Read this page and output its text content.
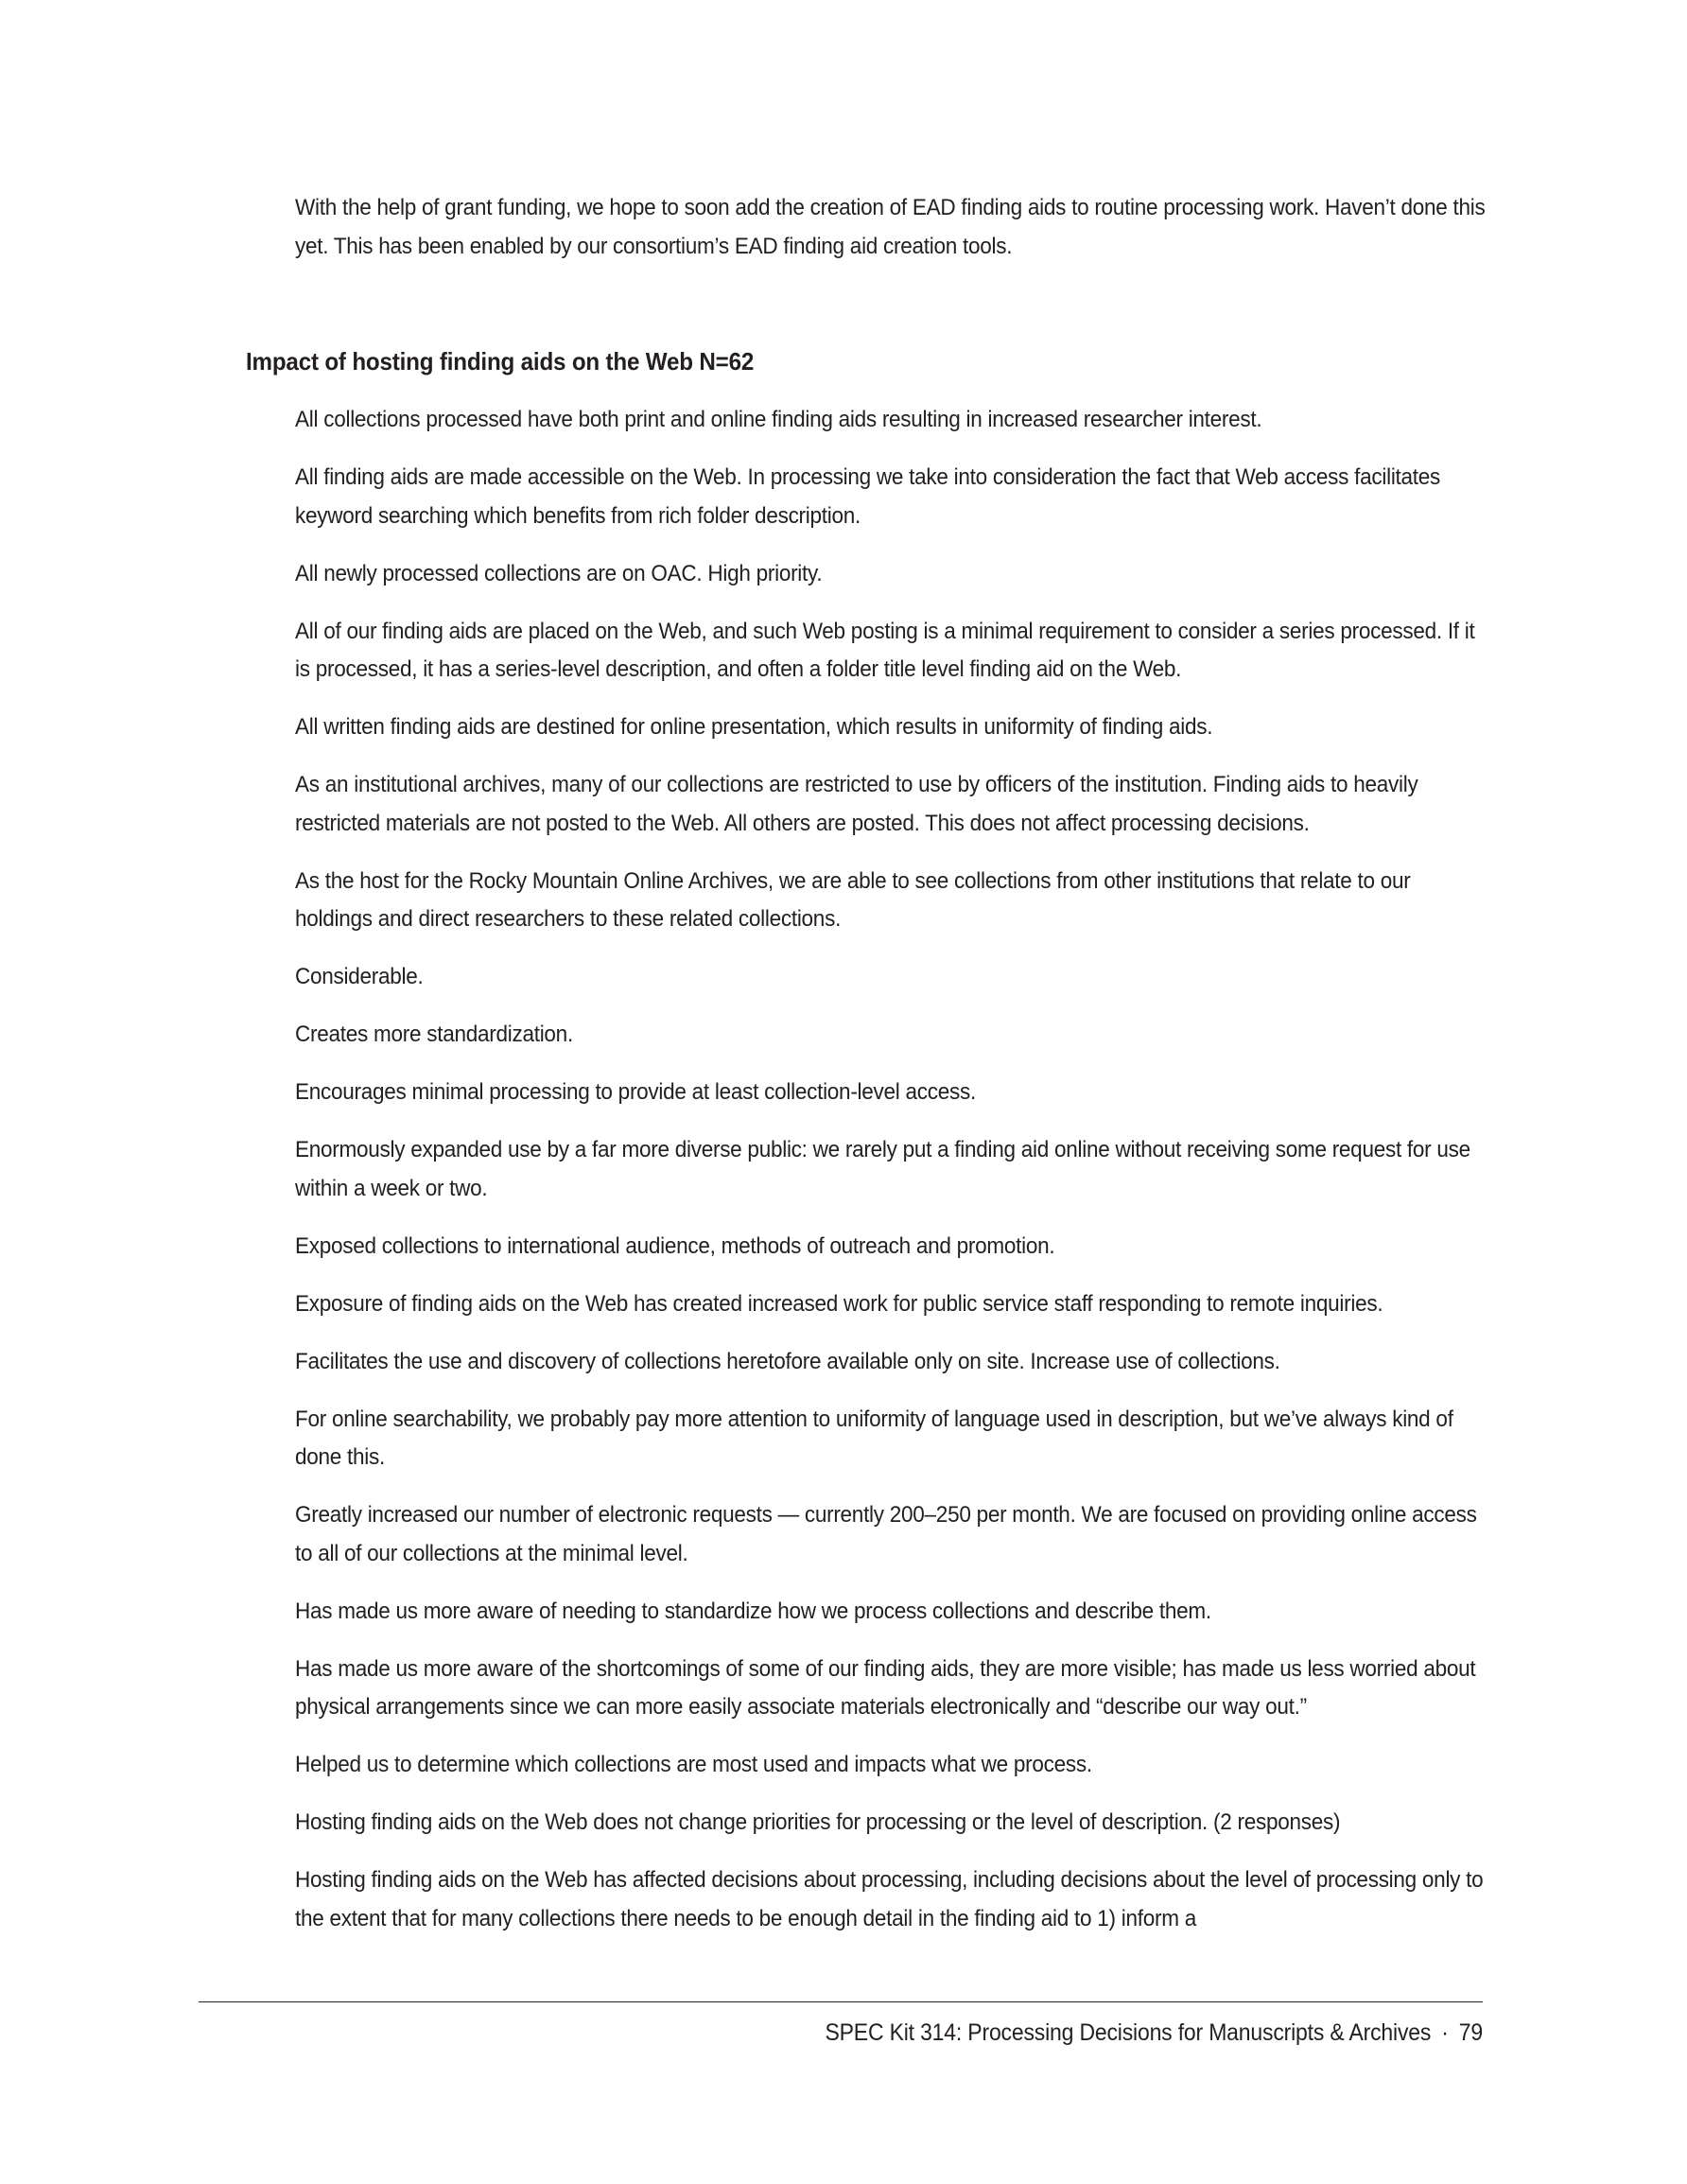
With the help of grant funding, we hope to soon add the creation of EAD finding aids to routine processing work. Haven’t done this yet. This has been enabled by our consortium’s EAD finding aid creation tools.

Impact of hosting finding aids on the Web N=62

All collections processed have both print and online finding aids resulting in increased researcher interest.

All finding aids are made accessible on the Web. In processing we take into consideration the fact that Web access facilitates keyword searching which benefits from rich folder description.

All newly processed collections are on OAC. High priority.

All of our finding aids are placed on the Web, and such Web posting is a minimal requirement to consider a series processed. If it is processed, it has a series-level description, and often a folder title level finding aid on the Web.

All written finding aids are destined for online presentation, which results in uniformity of finding aids.

As an institutional archives, many of our collections are restricted to use by officers of the institution. Finding aids to heavily restricted materials are not posted to the Web. All others are posted. This does not affect processing decisions.

As the host for the Rocky Mountain Online Archives, we are able to see collections from other institutions that relate to our holdings and direct researchers to these related collections.

Considerable.

Creates more standardization.

Encourages minimal processing to provide at least collection-level access.

Enormously expanded use by a far more diverse public: we rarely put a finding aid online without receiving some request for use within a week or two.

Exposed collections to international audience, methods of outreach and promotion.

Exposure of finding aids on the Web has created increased work for public service staff responding to remote inquiries.

Facilitates the use and discovery of collections heretofore available only on site. Increase use of collections.

For online searchability, we probably pay more attention to uniformity of language used in description, but we’ve always kind of done this.

Greatly increased our number of electronic requests — currently 200–250 per month. We are focused on providing online access to all of our collections at the minimal level.

Has made us more aware of needing to standardize how we process collections and describe them.

Has made us more aware of the shortcomings of some of our finding aids, they are more visible; has made us less worried about physical arrangements since we can more easily associate materials electronically and “describe our way out.”

Helped us to determine which collections are most used and impacts what we process.

Hosting finding aids on the Web does not change priorities for processing or the level of description. (2 responses)

Hosting finding aids on the Web has affected decisions about processing, including decisions about the level of processing only to the extent that for many collections there needs to be enough detail in the finding aid to 1) inform a

SPEC Kit 314: Processing Decisions for Manuscripts & Archives · 79
